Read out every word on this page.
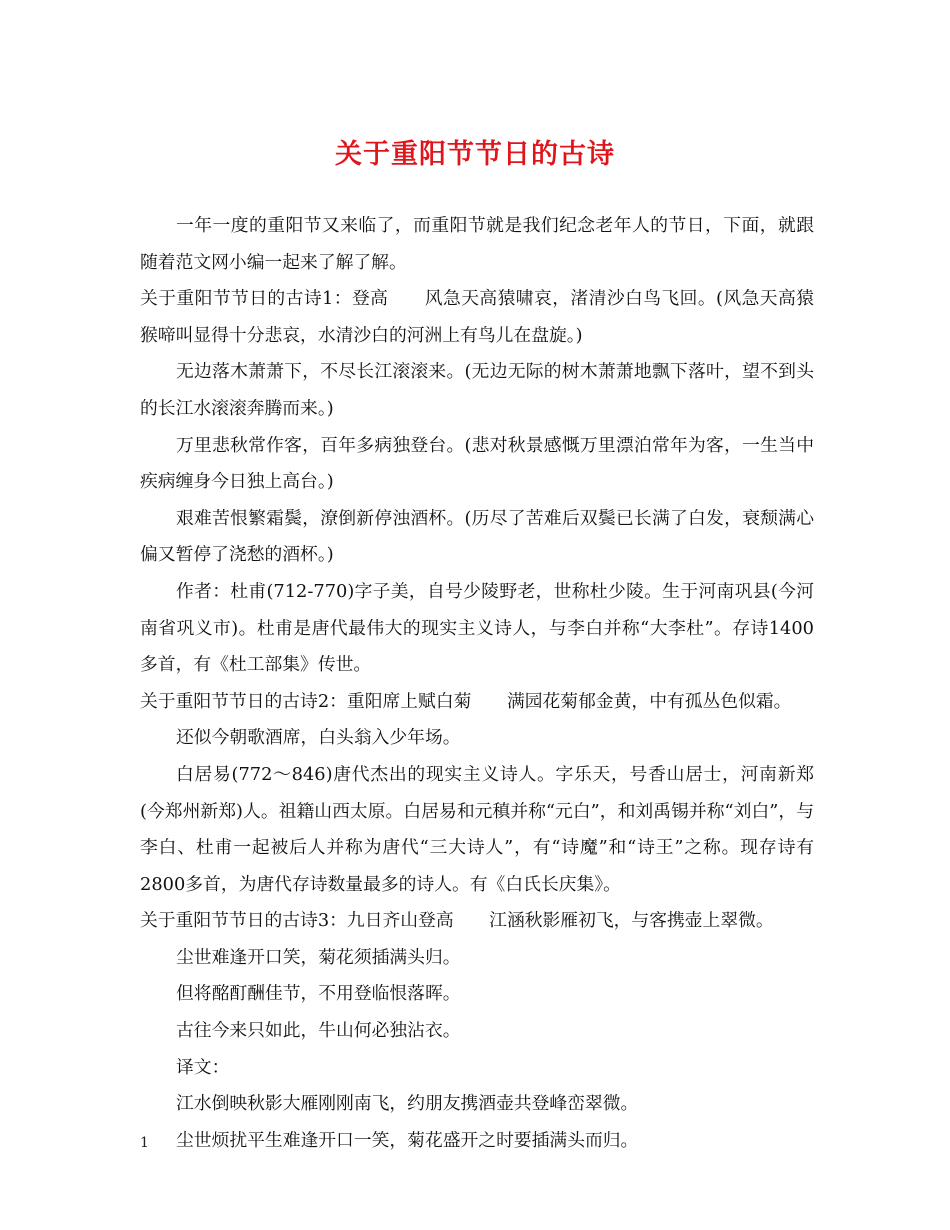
关于重阳节节日的古诗

一年一度的重阳节又来临了，而重阳节就是我们纪念老年人的节日，下面，就跟随着范文网小编一起来了解了解。

关于重阳节节日的古诗1：登高　　风急天高猿啸哀，渚清沙白鸟飞回。(风急天高猿猴啼叫显得十分悲哀，水清沙白的河洲上有鸟儿在盘旋。)

无边落木萧萧下，不尽长江滚滚来。(无边无际的树木萧萧地飘下落叶，望不到头的长江水滚滚奔腾而来。)

万里悲秋常作客，百年多病独登台。(悲对秋景感慨万里漂泊常年为客，一生当中疾病缠身今日独上高台。)

艰难苦恨繁霜鬓，潦倒新停浊酒杯。(历尽了苦难后双鬓已长满了白发，衰颓满心偏又暂停了浇愁的酒杯。)

作者：杜甫(712-770)字子美，自号少陵野老，世称杜少陵。生于河南巩县(今河南省巩义市)。杜甫是唐代最伟大的现实主义诗人，与李白并称“大李杜”。存诗1400多首，有《杜工部集》传世。

关于重阳节节日的古诗2：重阳席上赋白菊　　满园花菊郁金黄，中有孤丛色似霜。

还似今朝歌酒席，白头翁入少年场。

白居易(772～846)唐代杰出的现实主义诗人。字乐天，号香山居士，河南新郑(今郑州新郑)人。祖籍山西太原。白居易和元稹并称“元白”，和刘禹锡并称“刘白”，与李白、杜甫一起被后人并称为唐代“三大诗人”，有“诗魔”和“诗王”之称。现存诗有2800多首，为唐代存诗数量最多的诗人。有《白氏长庆集》。

关于重阳节节日的古诗3：九日齐山登高　　江涵秋影雁初飞，与客携壶上翠微。

尘世难逢开口笑，菊花须插满头归。

但将酩酊酬佳节，不用登临恨落晖。

古往今来只如此，牛山何必独沾衣。

译文：

江水倒映秋影大雁刚刚南飞，约朋友携酒壶共登峰峦翠微。

尘世烦扰平生难逢开口一笑，菊花盛开之时要插满头而归。

1
